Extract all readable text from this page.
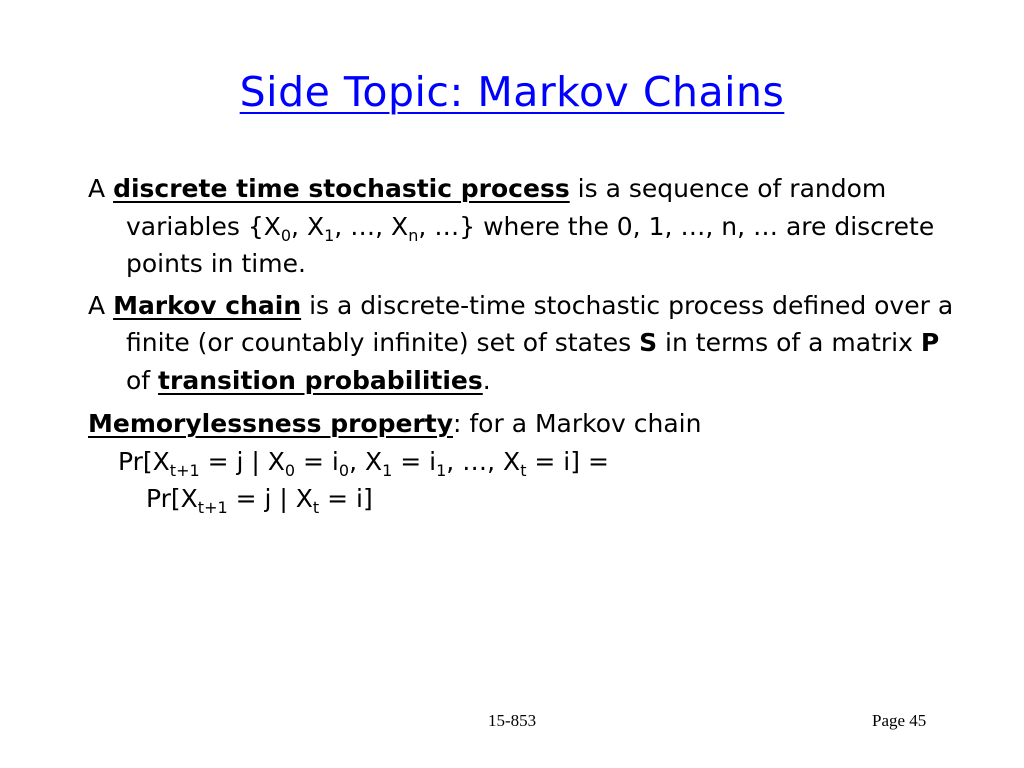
Side Topic: Markov Chains

A discrete time stochastic process is a sequence of random variables {$X_0$, $X_1$, …, $X_n$, …} where the 0, 1, …, n, … are discrete points in time.

A Markov chain is a discrete-time stochastic process defined over a finite (or countably infinite) set of states S in terms of a matrix P of transition probabilities.

Memorylessness property: for a Markov chain

$Pr[X_{t+1} = j$ | $X_0 = i_0$, $X_1 = i_1$, …, $X_t = i$] =

$Pr[X_{t+1} = j$ | $X_t = i$]

15-853	Page 45
